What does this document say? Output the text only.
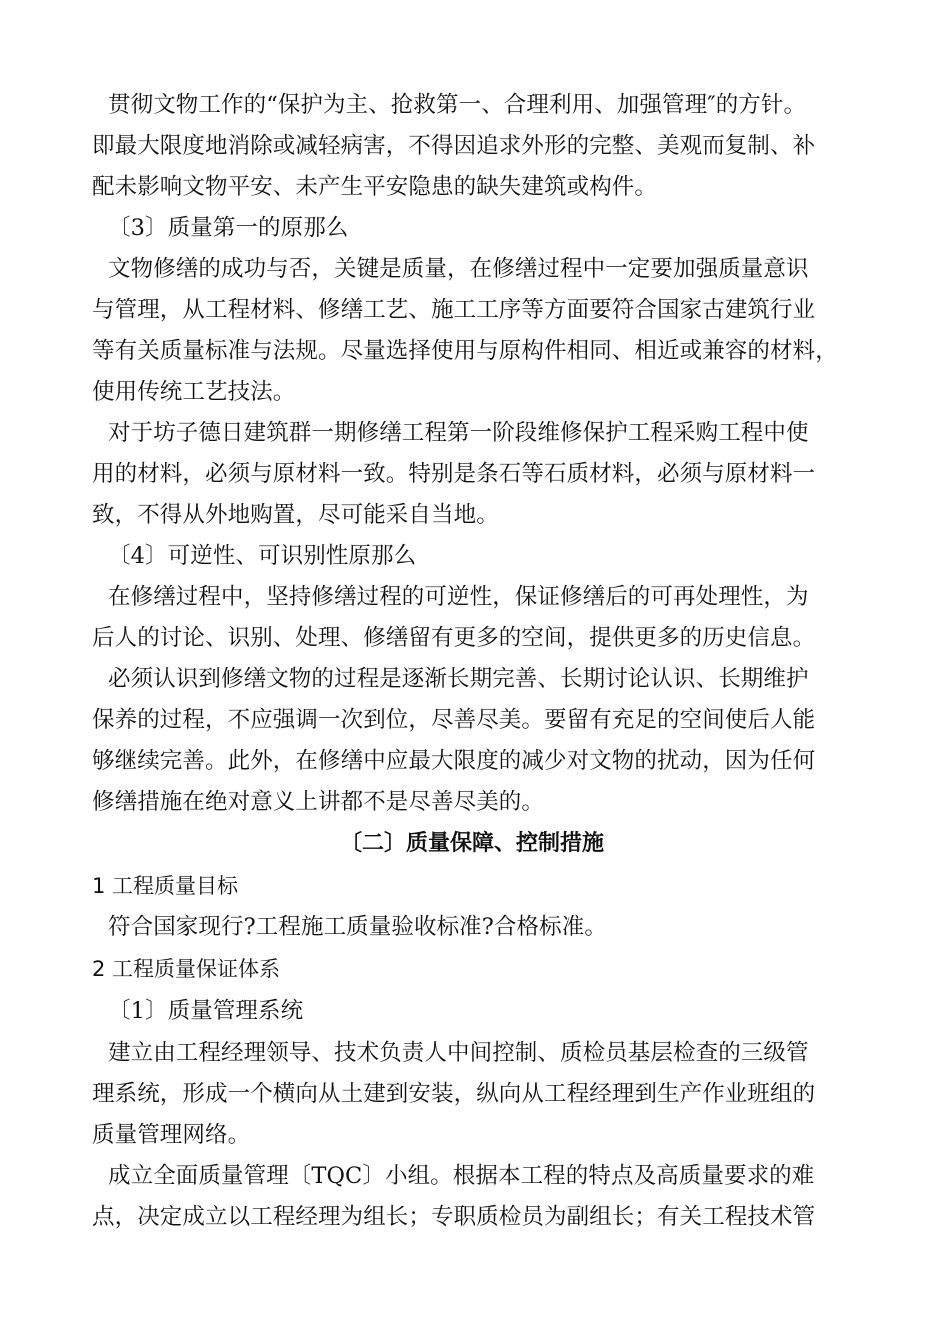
贯彻文物工作的“保护为主、抢救第一、合理利用、加强管理″的方针。
即最大限度地消除或减轻病害，不得因追求外形的完整、美观而复制、补
配未影响文物平安、未产生平安隐患的缺失建筑或构件。
〔3〕质量第一的原那么
文物修缮的成功与否，关键是质量，在修缮过程中一定要加强质量意识
与管理，从工程材料、修缮工艺、施工工序等方面要符合国家古建筑行业
等有关质量标准与法规。尽量选择使用与原构件相同、相近或兼容的材料，
使用传统工艺技法。
对于坊子德日建筑群一期修缮工程第一阶段维修保护工程采购工程中使
用的材料，必须与原材料一致。特别是条石等石质材料，必须与原材料一
致，不得从外地购置，尽可能采自当地。
〔4〕可逆性、可识别性原那么
在修缮过程中，坚持修缮过程的可逆性，保证修缮后的可再处理性，为
后人的讨论、识别、处理、修缮留有更多的空间，提供更多的历史信息。
必须认识到修缮文物的过程是逐渐长期完善、长期讨论认识、长期维护
保养的过程，不应强调一次到位，尽善尽美。要留有充足的空间使后人能
够继续完善。此外，在修缮中应最大限度的减少对文物的扰动，因为任何
修缮措施在绝对意义上讲都不是尽善尽美的。
〔二〕质量保障、控制措施
1 工程质量目标
符合国家现行?工程施工质量验收标准?合格标准。
2 工程质量保证体系
〔1〕质量管理系统
建立由工程经理领导、技术负责人中间控制、质检员基层检查的三级管
理系统，形成一个横向从土建到安装，纵向从工程经理到生产作业班组的
质量管理网络。
成立全面质量管理〔TQC〕小组。根据本工程的特点及高质量要求的难
点，决定成立以工程经理为组长；专职质检员为副组长；有关工程技术管
